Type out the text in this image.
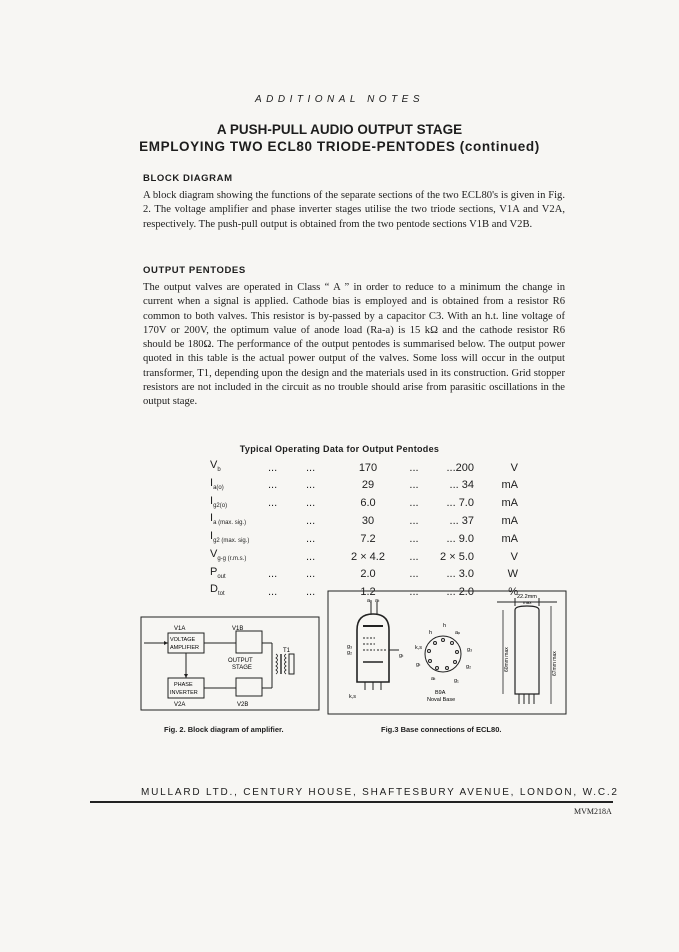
ADDITIONAL NOTES
A PUSH-PULL AUDIO OUTPUT STAGE
EMPLOYING TWO ECL80 TRIODE-PENTODES (continued)
BLOCK DIAGRAM
A block diagram showing the functions of the separate sections of the two ECL80's is given in Fig. 2. The voltage amplifier and phase inverter stages utilise the two triode sections, V1A and V2A, respectively. The push-pull output is obtained from the two pentode sections V1B and V2B.
OUTPUT PENTODES
The output valves are operated in Class “ A ” in order to reduce to a minimum the change in current when a signal is applied. Cathode bias is employed and is obtained from a resistor R6 common to both valves. This resistor is by-passed by a capacitor C3. With an h.t. line voltage of 170V or 200V, the optimum value of anode load (Ra-a) is 15 kΩ and the cathode resistor R6 should be 180Ω. The performance of the output pentodes is summarised below. The output power quoted in this table is the actual power output of the valves. Some loss will occur in the output transformer, T1, depending upon the design and the materials used in its construction. Grid stopper resistors are not included in the circuit as no trouble should arise from parasitic oscillations in the output stage.
Typical Operating Data for Output Pentodes
$V_b$	...	...	170	...	...200	V
$I_{a(o)}$	...	...	29	...	... 34	mA
$I_{g2(o)}$	...	...	6.0	...	... 7.0	mA
$I_{a (max. sig.)}$		...	30	...	... 37	mA
$I_{g2 (max. sig.)}$		...	7.2	...	... 9.0	mA
$V_{g-g (r.m.s.)}$		...	2 × 4.2	...	2 × 5.0	V
$P_{out}$	...	...	2.0	...	... 3.0	W
$D_{tot}$	...	...	1.2	...	... 2.0	%
V1A	V1B
VOLTAGE
AMPLIFIER
PHASE
INVERTER
OUTPUT
STAGE
T1
V2A	V2B
Fig. 2. Block diagram of amplifier.
aₚ aₜ
g₃
g₂	gₜ
k,s
h
h
aₚ
g₃
g₂
g₁
aₜ
gₜ
k,s
B9A
Noval Base
22.2mm
max
60mm max	67mm max
Fig.3 Base connections of ECL80.
MULLARD LTD., CENTURY HOUSE, SHAFTESBURY AVENUE, LONDON, W.C.2
MVM218A
